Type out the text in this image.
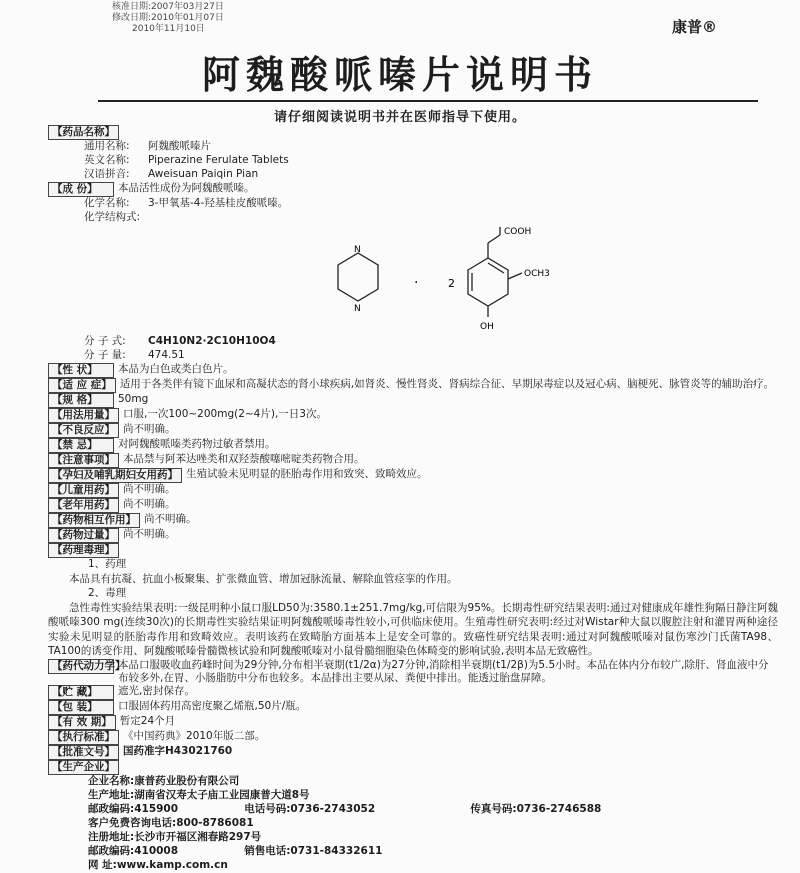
核准日期:2007年03月27日
修改日期:2010年01月07日
2010年11月10日	康普®
阿魏酸哌嗪片说明书
请仔细阅读说明书并在医师指导下使用。
【药品名称】
通用名称:	阿魏酸哌嗪片
英文名称:	Piperazine Ferulate Tablets
汉语拼音:	Aweisuan Paiqin Pian
【成 份】	本品活性成份为阿魏酸哌嗪。
化学名称:	3-甲氧基-4-羟基桂皮酸哌嗪。
化学结构式:
N
N
·	2
COOH
OCH3
OH
分 子 式:	C4H10N2·2C10H10O4
分 子 量:	474.51
【性 状】	本品为白色或类白色片。
【适 应 症】 适用于各类伴有镜下血尿和高凝状态的肾小球疾病,如肾炎、慢性肾炎、肾病综合征、早期尿毒症以及冠心病、脑梗死、脉管炎等的辅助治疗。
【规 格】	50mg
【用法用量】 口服,一次100~200mg(2~4片),一日3次。
【不良反应】 尚不明确。
【禁 忌】	对阿魏酸哌嗪类药物过敏者禁用。
【注意事项】 本品禁与阿苯达唑类和双羟萘酸噻嘧啶类药物合用。
【孕妇及哺乳期妇女用药】 生殖试验未见明显的胚胎毒作用和致突、致畸效应。
【儿童用药】 尚不明确。
【老年用药】 尚不明确。
【药物相互作用】 尚不明确。
【药物过量】 尚不明确。
【药理毒理】
1、药理
本品具有抗凝、抗血小板聚集、扩张微血管、增加冠脉流量、解除血管痉挛的作用。
2、毒理
急性毒性实验结果表明:一级昆明种小鼠口服LD50为:3580.1±251.7mg/kg,可信限为95%。长期毒性研究结果表明:通过对健康成年雄性狗隔日静注阿魏酸哌嗪300 mg(连续30次)的长期毒性实验结果证明阿魏酸哌嗪毒性较小,可供临床使用。生殖毒性研究表明:经过对Wistar种大鼠以腹腔注射和灌胃两种途径实验未见明显的胚胎毒作用和致畸效应。表明该药在致畸胎方面基本上是安全可靠的。致癌性研究结果表明:通过对阿魏酸哌嗪对鼠伤寒沙门氏菌TA98、TA100的诱变作用、阿魏酸哌嗪骨髓微核试验和阿魏酸哌嗪对小鼠骨髓细胞染色体畸变的影响试验,表明本品无致癌性。
【药代动力学】
本品口服吸收血药峰时间为29分钟,分布相半衰期(t1/2α)为27分钟,消除相半衰期(t1/2β)为5.5小时。本品在体内分布较广,除肝、肾血液中分布较多外,在胃、小肠脂肪中分布也较多。本品排出主要从尿、粪便中排出。能透过胎盘屏障。
【贮 藏】	遮光,密封保存。
【包 装】	口服固体药用高密度聚乙烯瓶,50片/瓶。
【有 效 期】 暂定24个月
【执行标准】 《中国药典》2010年版二部。
【批准文号】 国药准字H43021760
【生产企业】
企业名称: 康普药业股份有限公司
生产地址: 湖南省汉寿太子庙工业园康普大道8号
邮政编码: 415900	电话号码: 0736-2743052	传真号码: 0736-2746588
客户免费咨询电话: 800-8786081
注册地址: 长沙市开福区湘春路297号
邮政编码: 410008	销售电话: 0731-84332611
网 址: www.kamp.com.cn
